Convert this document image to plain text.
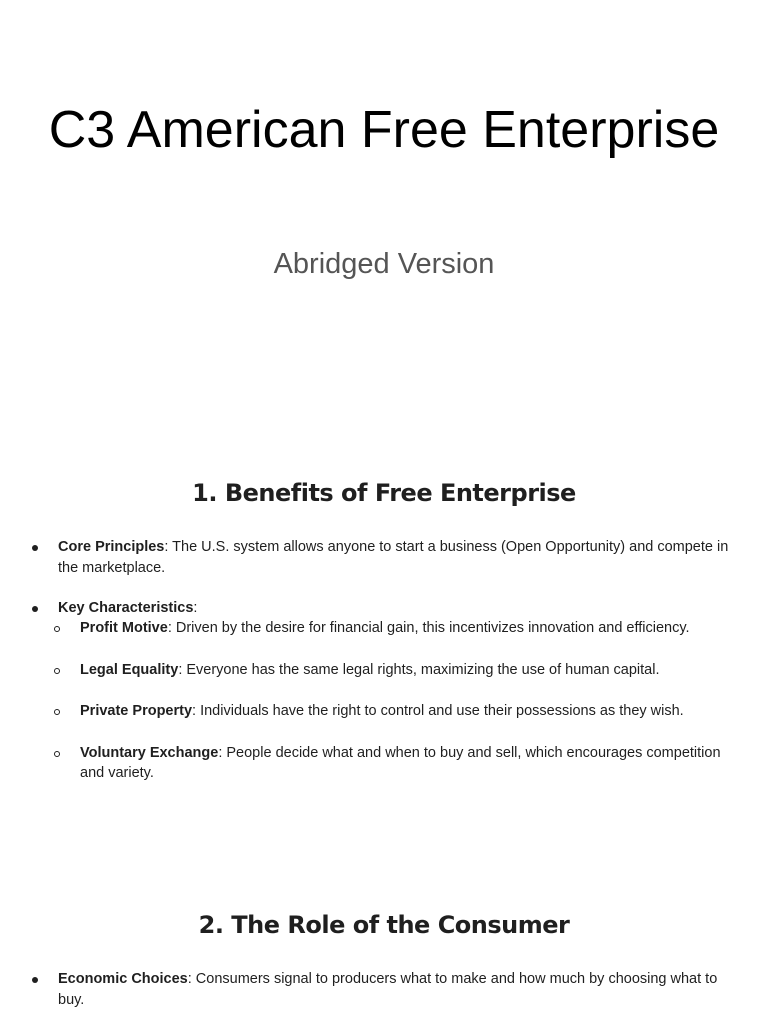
C3 American Free Enterprise

Abridged Version

1. Benefits of Free Enterprise
Core Principles: The U.S. system allows anyone to start a business (Open Opportunity) and compete in the marketplace.
Key Characteristics:
Profit Motive: Driven by the desire for financial gain, this incentivizes innovation and efficiency.
Legal Equality: Everyone has the same legal rights, maximizing the use of human capital.
Private Property: Individuals have the right to control and use their possessions as they wish.
Voluntary Exchange: People decide what and when to buy and sell, which encourages competition and variety.
2. The Role of the Consumer
Economic Choices: Consumers signal to producers what to make and how much by choosing what to buy.
